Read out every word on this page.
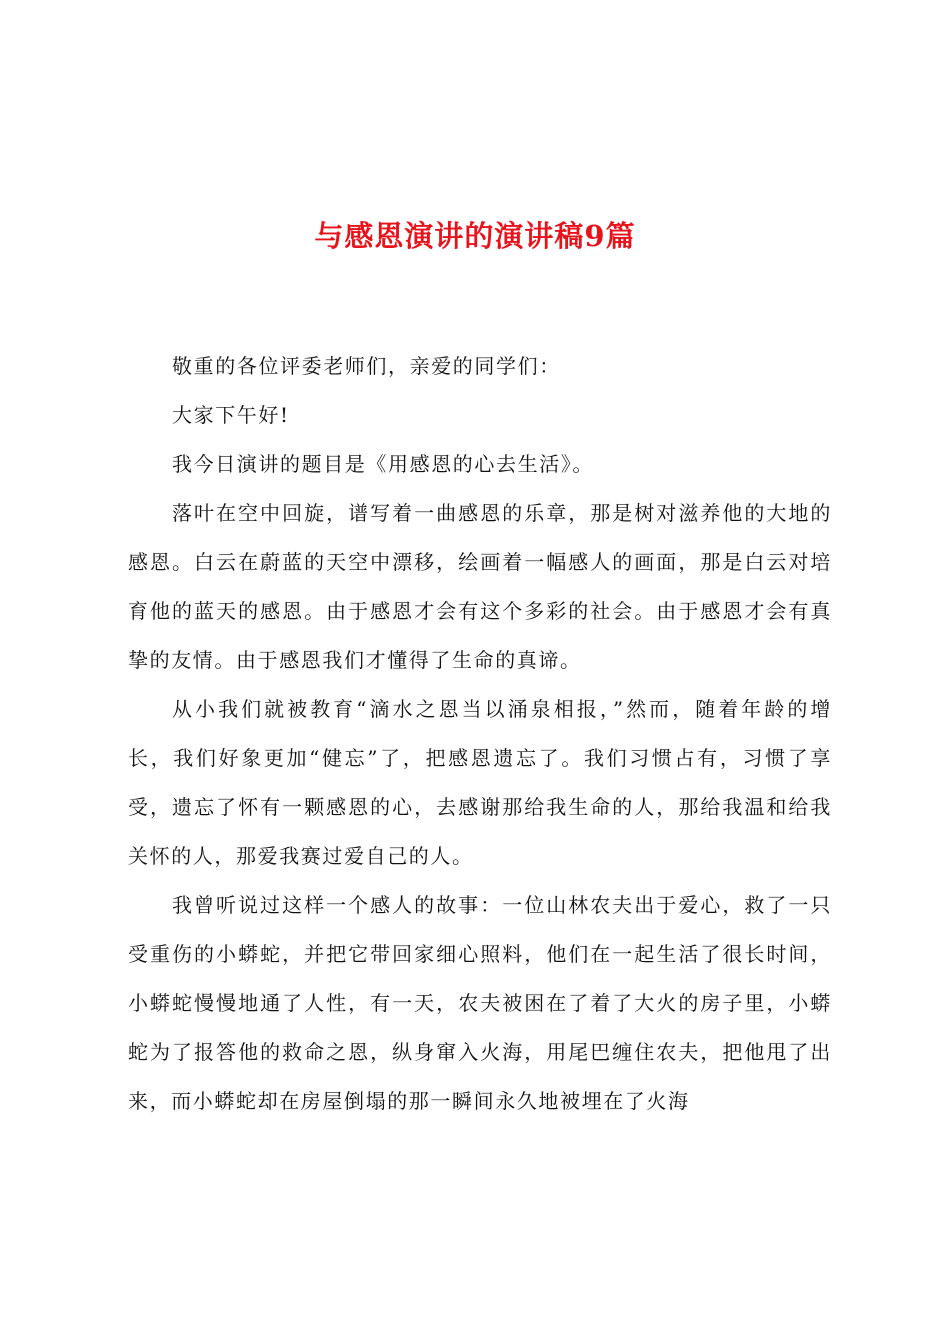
与感恩演讲的演讲稿9篇

敬重的各位评委老师们，亲爱的同学们：

大家下午好!

我今日演讲的题目是《用感恩的心去生活》。

落叶在空中回旋，谱写着一曲感恩的乐章，那是树对滋养他的大地的感恩。白云在蔚蓝的天空中漂移，绘画着一幅感人的画面，那是白云对培育他的蓝天的感恩。由于感恩才会有这个多彩的社会。由于感恩才会有真挚的友情。由于感恩我们才懂得了生命的真谛。

从小我们就被教育“滴水之恩当以涌泉相报，”然而，随着年龄的增长，我们好象更加“健忘”了，把感恩遗忘了。我们习惯占有，习惯了享受，遗忘了怀有一颗感恩的心，去感谢那给我生命的人，那给我温和给我关怀的人，那爱我赛过爱自己的人。

我曾听说过这样一个感人的故事：一位山林农夫出于爱心，救了一只受重伤的小蟒蛇，并把它带回家细心照料，他们在一起生活了很长时间，小蟒蛇慢慢地通了人性，有一天，农夫被困在了着了大火的房子里，小蟒蛇为了报答他的救命之恩，纵身窜入火海，用尾巴缠住农夫，把他甩了出来，而小蟒蛇却在房屋倒塌的那一瞬间永久地被埋在了火海
